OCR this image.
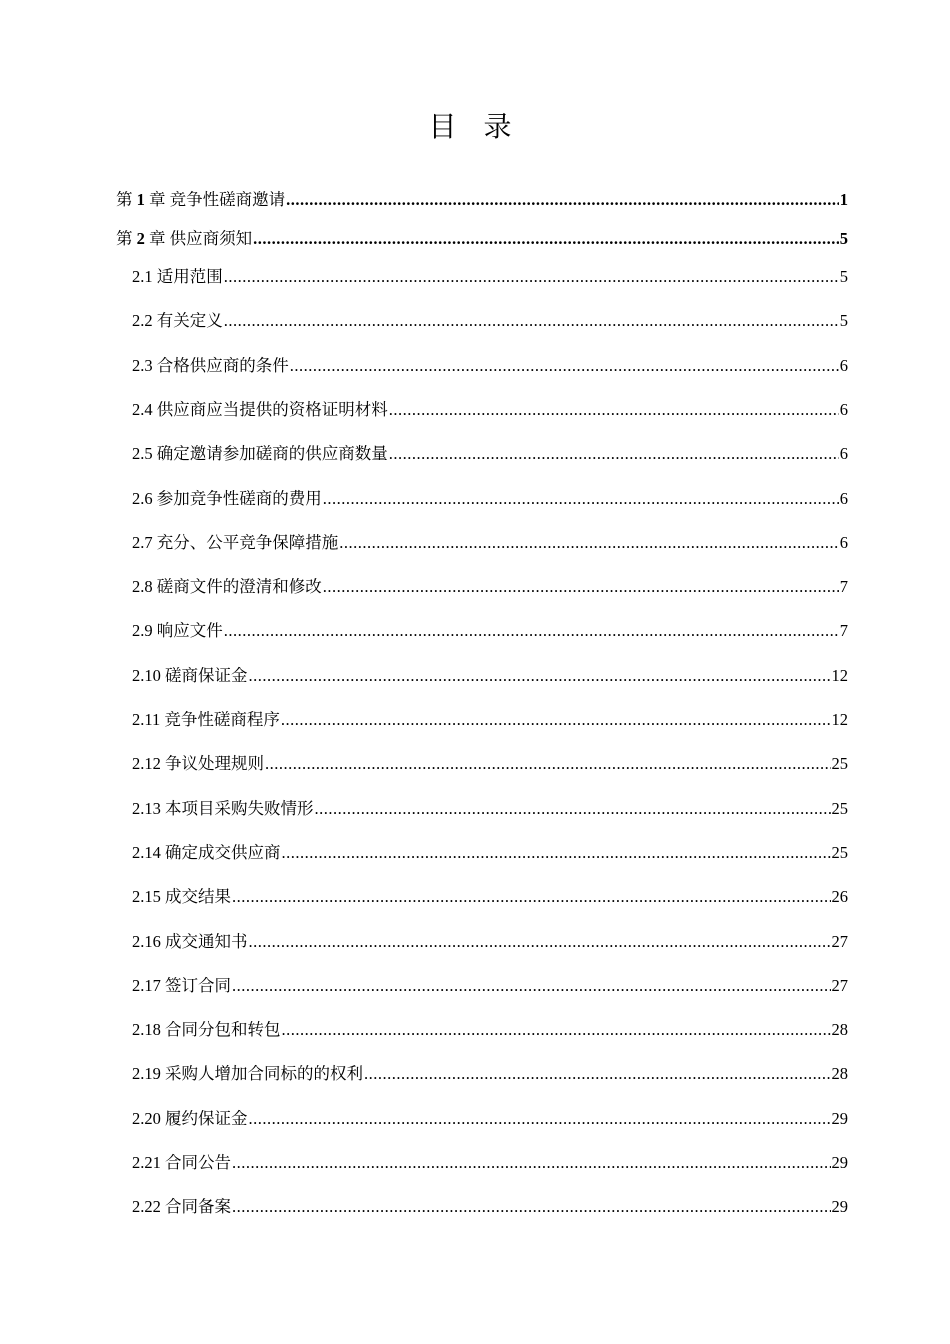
目 录
第 1 章 竞争性磋商邀请 .....	1
第 2 章 供应商须知 .....	5
2.1 适用范围 .....	5
2.2 有关定义 .....	5
2.3 合格供应商的条件 .....	6
2.4 供应商应当提供的资格证明材料 .....	6
2.5 确定邀请参加磋商的供应商数量 .....	6
2.6 参加竞争性磋商的费用 .....	6
2.7 充分、公平竞争保障措施 .....	6
2.8 磋商文件的澄清和修改 .....	7
2.9 响应文件 .....	7
2.10 磋商保证金 .....	12
2.11 竞争性磋商程序 .....	12
2.12 争议处理规则 .....	25
2.13 本项目采购失败情形 .....	25
2.14 确定成交供应商 .....	25
2.15 成交结果 .....	26
2.16 成交通知书 .....	27
2.17 签订合同 .....	27
2.18 合同分包和转包 .....	28
2.19 采购人增加合同标的的权利 .....	28
2.20 履约保证金 .....	29
2.21 合同公告 .....	29
2.22 合同备案 .....	29
